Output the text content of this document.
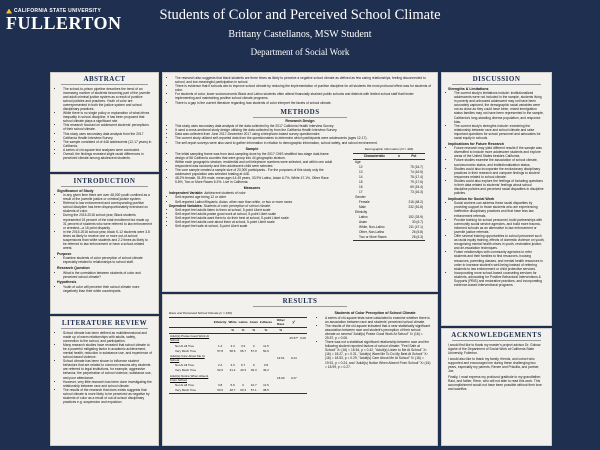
CALIFORNIA STATE UNIVERSITY
FULLERTON	Students of Color and Perceived School Climate
Brittany Castellanos, MSW Student
Department of Social Work
ABSTRACT
• The school-to-prison pipeline describes the trend of an increasing number of students becoming part of the juvenile and adult criminal justice system as a result of punitive school policies and practices. Youth of color are overrepresented in both the justice system and school disciplinary practices.
• While there is no single policy or explanation of what drives inequality in school discipline, it has been proposed that school climate plays a significant role.
• This research focused on adolescent students' perceptions of their school climate.
• This study uses secondary data analysis from the 2017 California Health Interview Survey.
• The sample consisted of of 448 adolescents (12-17 years) in California.
• A series of chi-square test analyses were conducted.
• Overall, the findings revealed slight racial differences in perceived climate among adolescent students.
INTRODUCTION
Significance of Study
• In any given time there are over 48,000 youth confined as a result of the juvenile justice or criminal justice system.
• Referral to law enforcement and corresponding punitive school discipline has been disproportionately exercised on students of color.
• During the 2015-2016 school year, Black students represented 15 percent of the total enrollment but made up 31 percent of students who were referred to law enforcement or arrested—a 16 point disparity.
• In the 2015-2016 school year, black K-12 students were 3.8 times as likely to receive one or more out-of-school suspensions than white students and 2.2 times as likely to be referred to law enforcement or have a school-related arrest.
Purpose
• Examine students of color perception of school climate especially related to relationships to school staff.
Research Question
• What is the correlation between students of color and perceived school climate?
Hypothesis
• Youth of color will perceive their school climate more negatively than their white counterparts.
LITERATURE REVIEW
• School climate has been defined as multidimensional and made up of warm relationships with adults, safety, connection to the school, and participation.
• Many research studies have revealed that school climate to be a powerful mitigating factor in academic achievement, mental health, reduction in substance use, and experience of school-based violence.
• School climate has been shown to influence student behaviors that are related to common reasons why students are referred to legal institutions, for example, aggressive behavior, the perpetration of school violence, substance use, and poor attendance.
• However, very little research has been done investigating the relationship between race and school climate.
• The results of the research that does exists suggests that school climate is more likely to be perceived as negative by students of color as a result of out-of-school disciplinary practices e.g. suspension and expulsion.
• The research also suggests that black students are three times as likely to perceive a negative school climate as defined as few caring relationships, feeling disconnected to school, and low meaningful participation in school.
• There is evidence that if schools aim to improve school climate by reducing the implementation of punitive discipline for all students the most profound effect was for students of color.
• For students of color, lower socioeconomic Black and Latino students often attend financially strained public schools and districts with limited school staff that hinder implementing and maintaining positive school climate programs.
• There is a gap in the current literature regarding how students of color interpret the facets of school climate.
METHODS
Research Design
• This study uses secondary data analysis of the data collected by the 2017 California Health Interview Survey.
• It used a cross-sectional study design utilizing the data collected by from the California Health Interview Survey.
• Data was collected from June 2017-December 2017 using a telephone-based survey questionnaire.
• The current study utilized self-reported data from the questionnaires to determine which participants were adolescents (ages 12-17).
• The self-report surveys were also used to gather information in relation to demographic information, school safety, and school environment.
Sample
• The initial sampling frame was from land-sampling done by the 2017 CHIS stratified two-stage dual-frame design of 58 California counties that were group into 44 geographic stratum.
• Within each geographic stratum, residential and cell telephone numbers were selected, and within one adult respondent was randomly and then adolescent child were selected.
• The core sample created a sample size of 20,000 participants.. For the purposes of this study only the adolescent population was selected totaling at 448.
• 48.2% female, 51.8% male, mean age=14.49 years, 33.9% Latino, Asian 6.7%, White 47.1%, Other Race 5.8%, Two or More Races 6.3%. Live in California.
Measures
Independent Variable: Adolescent students of color
• Self-reported age being 12 or older
• Self-reported Latino/Hispanic, Asian, other race than white, or two or more races
Dependent Variables: Students of color perception of school climate.
• Self-report feel adults listen to them at school, 5-point Likert scale
• Self-report feel adults praise good work at school, 5-point Likert scale
• Self-report feel adults want them to do their best at school, 5-point Likert scale
• Self-report feel adults care about them at school, 5-point Likert scale
• Self-report feel safe at school, 5-point Likert scale
Demographic Information (N = 448)
Characteristic	n	Pct
Age		
12		75 (16.7)
13		74 (16.5)
14		78 (17.4)
15		79 (17.6)
16		69 (15.4)
17		73 (16.3)
Gender		
Female		216 (48.2)
Male		232 (51.8)
Ethnicity		
Latino		152 (33.9)
Asian		30 (6.7)
White, Non-Latino		211 (47.1)
Other, Non-Latino		26 (5.8)
Two or More Races		28 (6.3)
RESULTS
Race and Perceived School Climate (n = 448)
	Ethnicity	White	Latino	Asian	2+Races	Other Race	χ²	
		%	%	%	%	%		
Adult(s) Praise Good Work At School							25.57*	0.00
Not At All True	1.4	3.3	3.3	0	11.5			
Very Much True	57.8	58.6	66.7	57.0	50.0			
Adult(s) Care About Me At School						19.51	0.24	
Not At All True	2.4	3.3	6.7	0	3.8			
Very Much True	52.6	41.4	43.3	39.3	46.2			
Adult(s) Notice When Absent From School						18.99	0.27	
Not At All True	3.8	5.9	0	10.7	11.5			
Very Much True	53.6	48.7	63.3	57.1	38.5			
Students of Color Perception of School Climate
• A series of chi-square tests were calculated to examine whether there is an association between race and students' perceived school climate.
• The results of the chi-square indicated that a near statistically significant association between race and student's perception of their school climate on several "Adult(s) Praise Good Work At School" X² (16) = 25.57, p = 0.06.
• There was not a statistical significant relationship between race and the following student reported factors of school climate: "Feel Safe at School" X² (16) = 16.54, p = 0.42, "Adult(s) Listen to Me At School" X² (16) = 18.27, p = 0.31, "Adult(s) Want Me To Do My Best At School" X² (16) = 18.53, p = 0.29, "Adult(s) Care About Me At School" X² (16) = 19.51, p = 0.24, and "Adult(s) Notice When Absent From School" X² (16) = 18.99, p = 0.27.
DISCUSSION
Strengths & Limitations
• The current study's limitations include: institutionalized adolescents were not included in the sample, students living in poverty and unhoused adolescent may not have been accurately captured, the demographic racial variables were not as close as they could have been, mixed immigration status families may not have been represented in the sample, California's long-standing diverse population, and response bias.
• The current study's strengths include: examining the relationship between race and school climate and raise important questions for school personnel and advocates for racial equity in schools.
Implications for Future Research
• Future research may yield different results if the sample was diversified to include more adolescent students and explore areas of the United States besides California.
• Future studies examine the association of school climate, socioeconomic status, and institutionalization status.
• Studies could also incorporate the exclusionary disciplinary practices in their research and compare findings to student responses related to school climate.
• Studies could also explore the feelings of including questions in their data related to students' feelings about school discipline policies and perceived racial disparities in discipline policies.
Implication for Social Work
• Social workers can address these racial disparities by providing support to those students who are experiencing ineffective disciplinary practices and that have less law enforcement referrals.
• Provide training for school personnel, build partnerships with community social service agencies, and build more trauma-informed schools as an alternative to law enforcement or juvenile justice referrals.
• Offer several training opportunities to school personnel such as racial equity training, effects of domestic violence on youth, recognizing mental health crises in youth, restorative justice, and de-escalation techniques.
• Foster relationships with community agencies to refer students and their families to find resources, housing resources, parenting classes, and mental health resources in order to increase student's well-being instead of referring students to law enforcement or child protective services.
• Incorporating more school-based counseling services for students, advocating for Positive Behavioral Interventions & Supports (PBIS) and restorative practices, and incorporating evidence-based interventional programs.
ACKNOWLEDGEMENTS

I would first like to thank my master's project advisor Dr. Golnaz Agahe of the Department of Social Work at California State University, Fullerton.

I would also like to thank my family, friends, and cohort who supported and encouraged me during these challenging two years, especially my parents, Renee and Priscilla, and partner, Joe.

Finally, I must express my profound gratitude to my grandfather, Raul, and father, Rene, who will not able to read this work. This accomplishment would not have been possible without their love and sacrifice.
